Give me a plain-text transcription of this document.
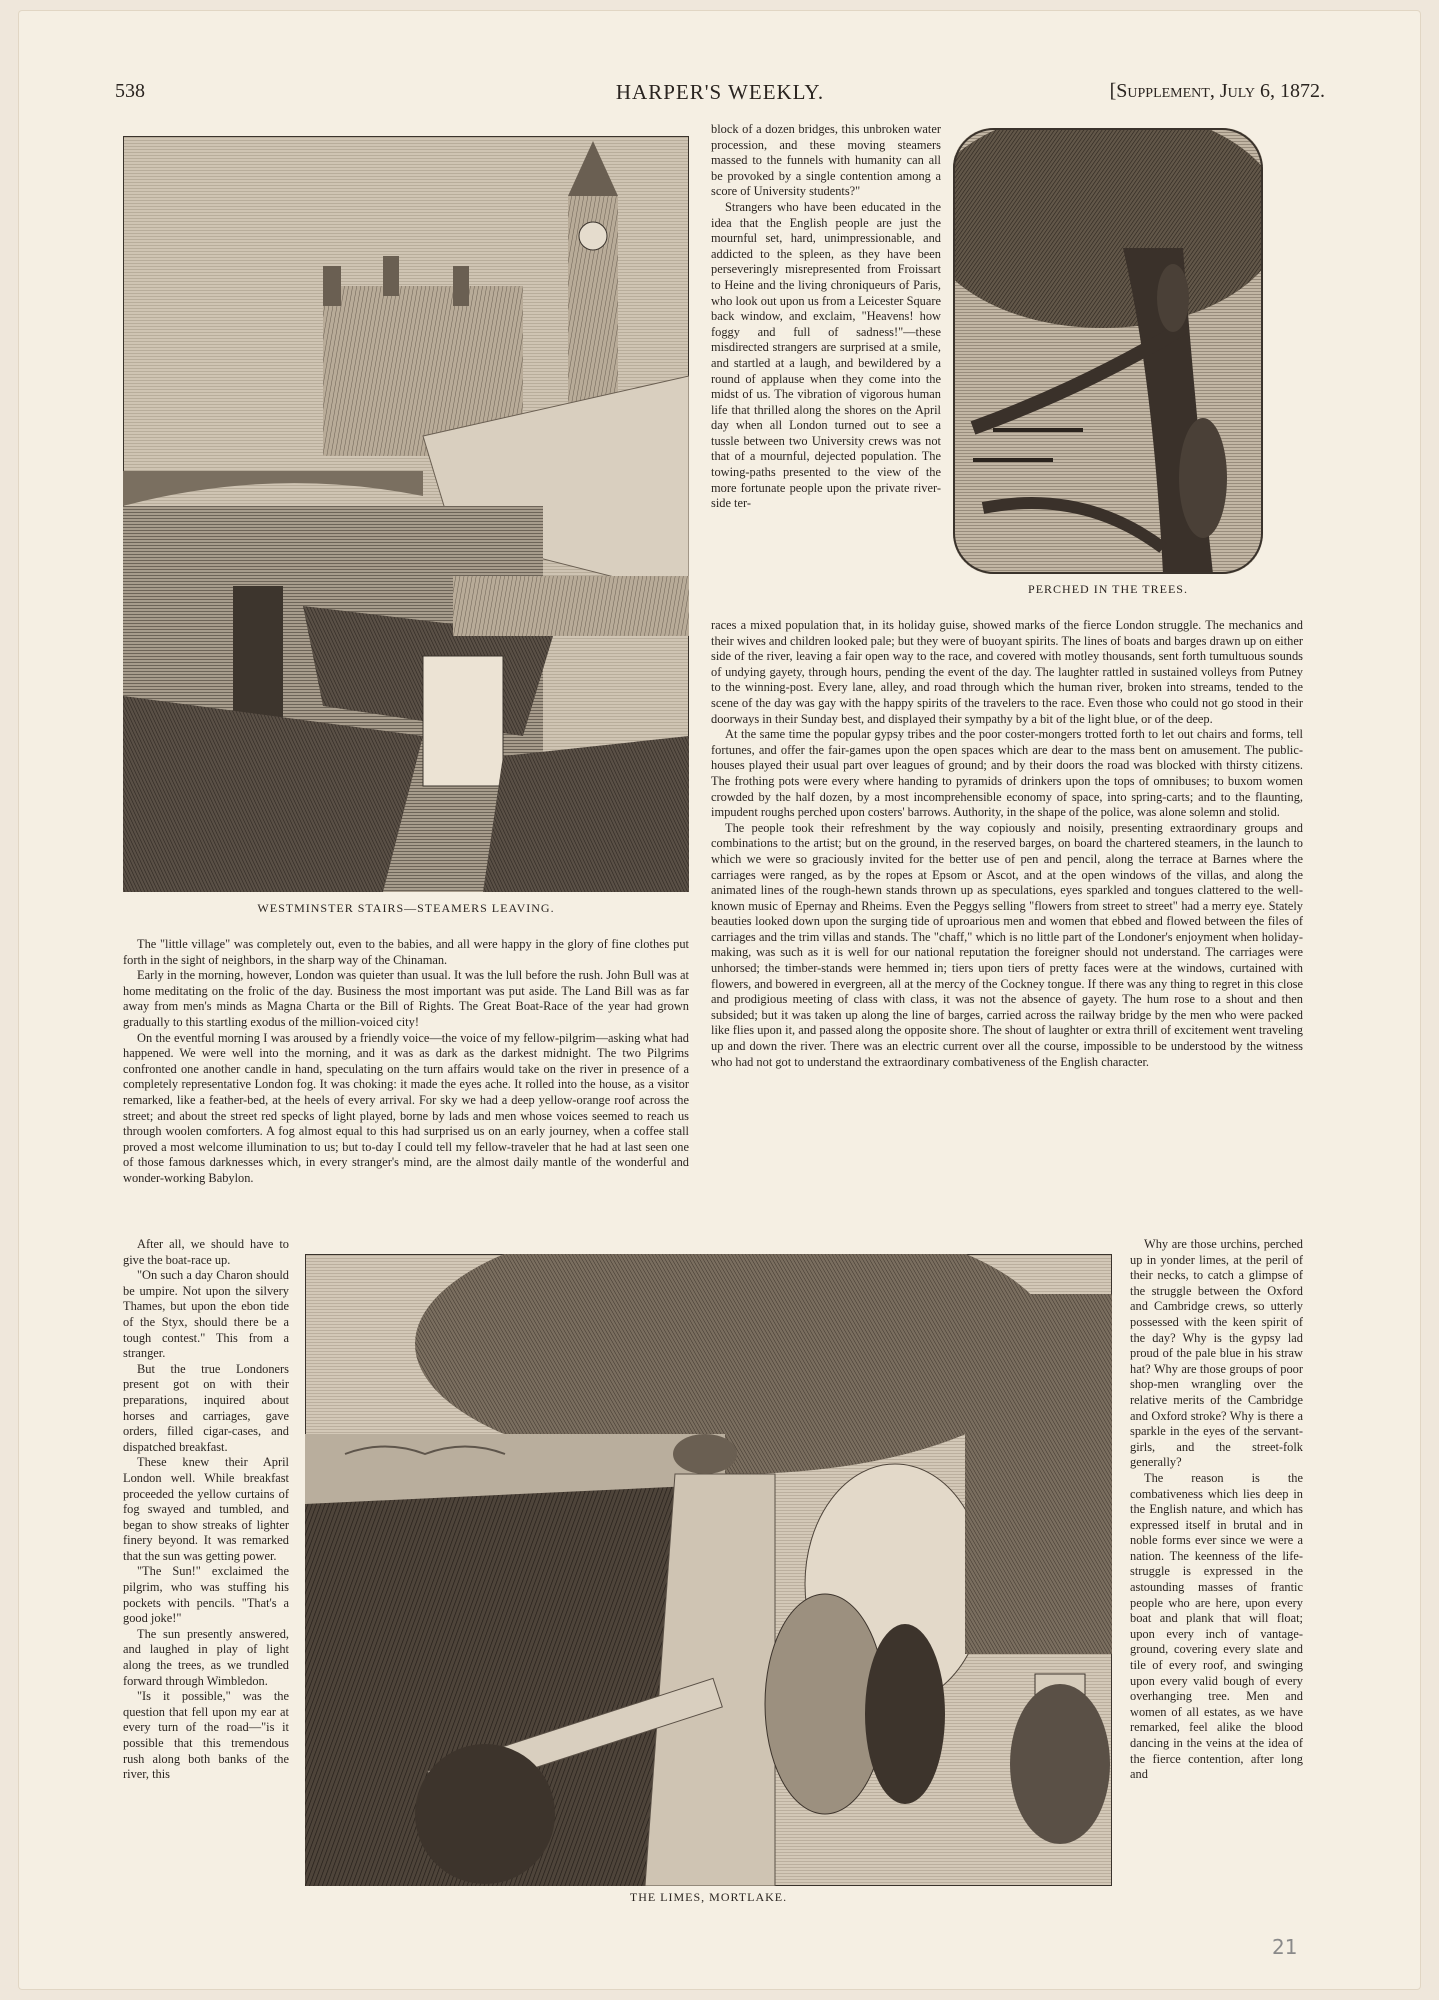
538	HARPER'S WEEKLY.	[Supplement, July 6, 1872.
WESTMINSTER STAIRS—STEAMERS LEAVING.
PERCHED IN THE TREES.
THE LIMES, MORTLAKE.

block of a dozen bridges, this unbroken water procession, and these moving steamers massed to the funnels with humanity can all be provoked by a single contention among a score of University students?"

Strangers who have been educated in the idea that the English people are just the mournful set, hard, unimpressionable, and addicted to the spleen, as they have been perseveringly misrepresented from Froissart to Heine and the living chroniqueurs of Paris, who look out upon us from a Leicester Square back window, and exclaim, "Heavens! how foggy and full of sadness!"—these misdirected strangers are surprised at a smile, and startled at a laugh, and bewildered by a round of applause when they come into the midst of us. The vibration of vigorous human life that thrilled along the shores on the April day when all London turned out to see a tussle between two University crews was not that of a mournful, dejected population. The towing-paths presented to the view of the more fortunate people upon the private river-side ter-

races a mixed population that, in its holiday guise, showed marks of the fierce London struggle. The mechanics and their wives and children looked pale; but they were of buoyant spirits. The lines of boats and barges drawn up on either side of the river, leaving a fair open way to the race, and covered with motley thousands, sent forth tumultuous sounds of undying gayety, through hours, pending the event of the day. The laughter rattled in sustained volleys from Putney to the winning-post. Every lane, alley, and road through which the human river, broken into streams, tended to the scene of the day was gay with the happy spirits of the travelers to the race. Even those who could not go stood in their doorways in their Sunday best, and displayed their sympathy by a bit of the light blue, or of the deep.

At the same time the popular gypsy tribes and the poor coster-mongers trotted forth to let out chairs and forms, tell fortunes, and offer the fair-games upon the open spaces which are dear to the mass bent on amusement. The public-houses played their usual part over leagues of ground; and by their doors the road was blocked with thirsty citizens. The frothing pots were every where handing to pyramids of drinkers upon the tops of omnibuses; to buxom women crowded by the half dozen, by a most incomprehensible economy of space, into spring-carts; and to the flaunting, impudent roughs perched upon costers' barrows. Authority, in the shape of the police, was alone solemn and stolid.

The people took their refreshment by the way copiously and noisily, presenting extraordinary groups and combinations to the artist; but on the ground, in the reserved barges, on board the chartered steamers, in the launch to which we were so graciously invited for the better use of pen and pencil, along the terrace at Barnes where the carriages were ranged, as by the ropes at Epsom or Ascot, and at the open windows of the villas, and along the animated lines of the rough-hewn stands thrown up as speculations, eyes sparkled and tongues clattered to the well-known music of Epernay and Rheims. Even the Peggys selling "flowers from street to street" had a merry eye. Stately beauties looked down upon the surging tide of uproarious men and women that ebbed and flowed between the files of carriages and the trim villas and stands. The "chaff," which is no little part of the Londoner's enjoyment when holiday-making, was such as it is well for our national reputation the foreigner should not understand. The carriages were unhorsed; the timber-stands were hemmed in; tiers upon tiers of pretty faces were at the windows, curtained with flowers, and bowered in evergreen, all at the mercy of the Cockney tongue. If there was any thing to regret in this close and prodigious meeting of class with class, it was not the absence of gayety. The hum rose to a shout and then subsided; but it was taken up along the line of barges, carried across the railway bridge by the men who were packed like flies upon it, and passed along the opposite shore. The shout of laughter or extra thrill of excitement went traveling up and down the river. There was an electric current over all the course, impossible to be understood by the witness who had not got to understand the extraordinary combativeness of the English character.

The "little village" was completely out, even to the babies, and all were happy in the glory of fine clothes put forth in the sight of neighbors, in the sharp way of the Chinaman.

Early in the morning, however, London was quieter than usual. It was the lull before the rush. John Bull was at home meditating on the frolic of the day. Business the most important was put aside. The Land Bill was as far away from men's minds as Magna Charta or the Bill of Rights. The Great Boat-Race of the year had grown gradually to this startling exodus of the million-voiced city!

On the eventful morning I was aroused by a friendly voice—the voice of my fellow-pilgrim—asking what had happened. We were well into the morning, and it was as dark as the darkest midnight. The two Pilgrims confronted one another candle in hand, speculating on the turn affairs would take on the river in presence of a completely representative London fog. It was choking: it made the eyes ache. It rolled into the house, as a visitor remarked, like a feather-bed, at the heels of every arrival. For sky we had a deep yellow-orange roof across the street; and about the street red specks of light played, borne by lads and men whose voices seemed to reach us through woolen comforters. A fog almost equal to this had surprised us on an early journey, when a coffee stall proved a most welcome illumination to us; but to-day I could tell my fellow-traveler that he had at last seen one of those famous darknesses which, in every stranger's mind, are the almost daily mantle of the wonderful and wonder-working Babylon.

After all, we should have to give the boat-race up.

"On such a day Charon should be umpire. Not upon the silvery Thames, but upon the ebon tide of the Styx, should there be a tough contest." This from a stranger.

But the true Londoners present got on with their preparations, inquired about horses and carriages, gave orders, filled cigar-cases, and dispatched breakfast.

These knew their April London well. While breakfast proceeded the yellow curtains of fog swayed and tumbled, and began to show streaks of lighter finery beyond. It was remarked that the sun was getting power.

"The Sun!" exclaimed the pilgrim, who was stuffing his pockets with pencils. "That's a good joke!"

The sun presently answered, and laughed in play of light along the trees, as we trundled forward through Wimbledon.

"Is it possible," was the question that fell upon my ear at every turn of the road—"is it possible that this tremendous rush along both banks of the river, this

Why are those urchins, perched up in yonder limes, at the peril of their necks, to catch a glimpse of the struggle between the Oxford and Cambridge crews, so utterly possessed with the keen spirit of the day? Why is the gypsy lad proud of the pale blue in his straw hat? Why are those groups of poor shop-men wrangling over the relative merits of the Cambridge and Oxford stroke? Why is there a sparkle in the eyes of the servant-girls, and the street-folk generally?

The reason is the combativeness which lies deep in the English nature, and which has expressed itself in brutal and in noble forms ever since we were a nation. The keenness of the life-struggle is expressed in the astounding masses of frantic people who are here, upon every boat and plank that will float; upon every inch of vantage-ground, covering every slate and tile of every roof, and swinging upon every valid bough of every overhanging tree. Men and women of all estates, as we have remarked, feel alike the blood dancing in the veins at the idea of the fierce contention, after long and

21
